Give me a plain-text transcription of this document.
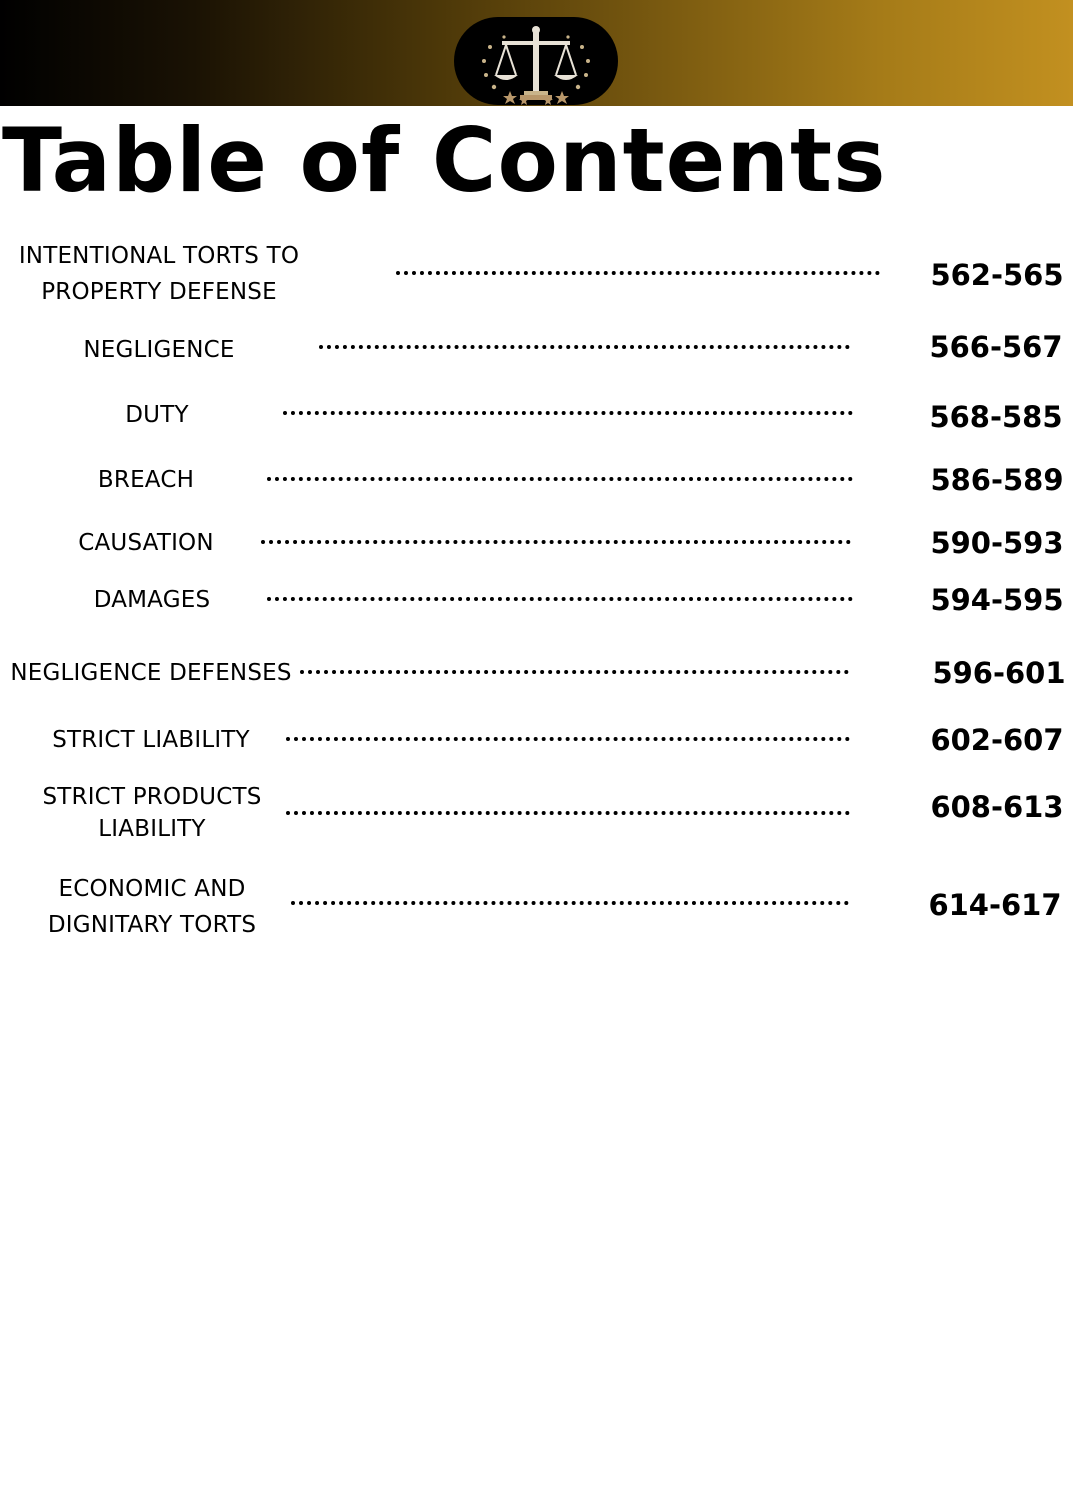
Table of Contents
INTENTIONAL TORTS TO
PROPERTY DEFENSE	562-565
NEGLIGENCE	566-567
DUTY	568-585
BREACH	586-589
CAUSATION	590-593
DAMAGES	594-595
NEGLIGENCE DEFENSES	596-601
STRICT LIABILITY	602-607
STRICT PRODUCTS
LIABILITY
608-613
ECONOMIC AND
DIGNITARY TORTS
614-617
